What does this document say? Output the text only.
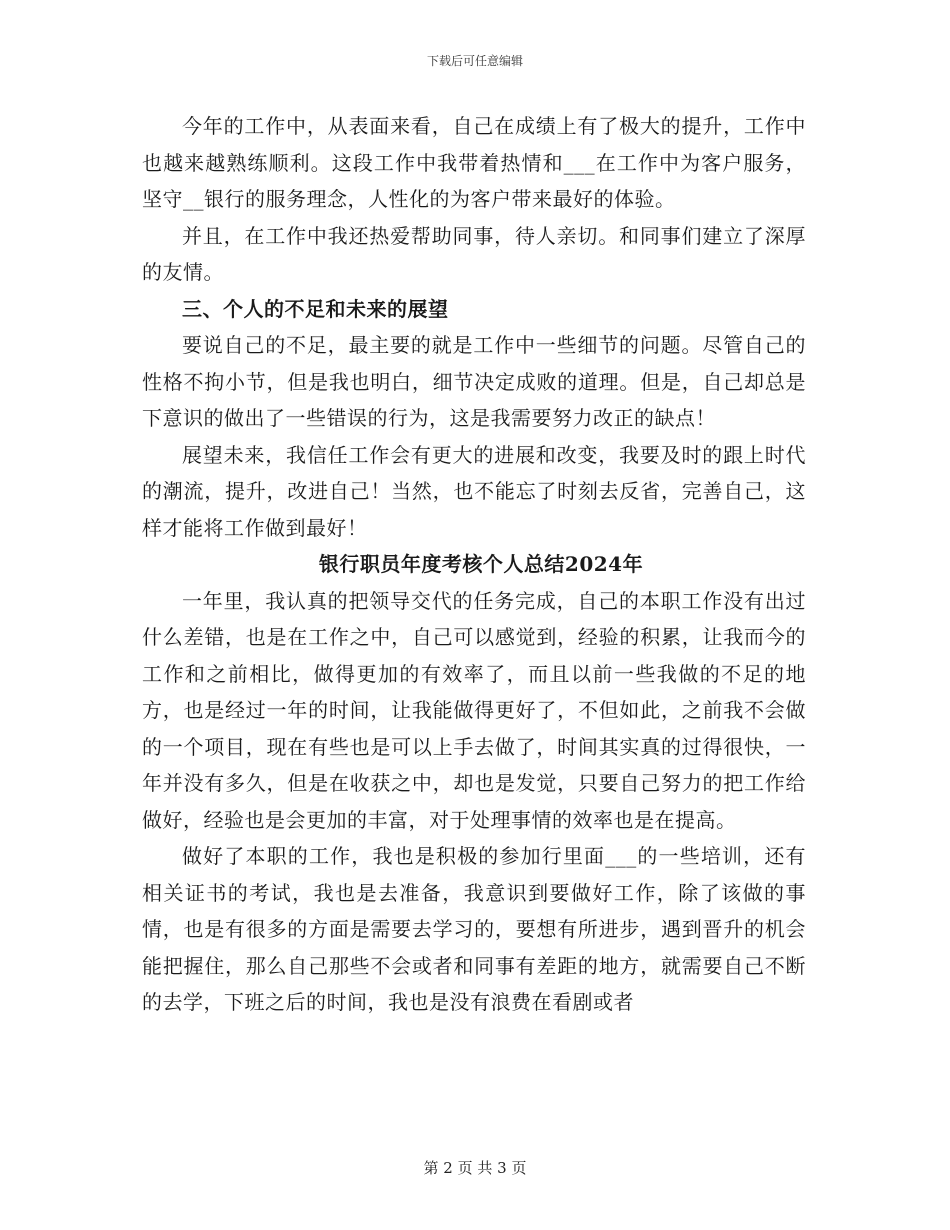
下载后可任意编辑

今年的工作中，从表面来看，自己在成绩上有了极大的提升，工作中也越来越熟练顺利。这段工作中我带着热情和___在工作中为客户服务，坚守__银行的服务理念，人性化的为客户带来最好的体验。

并且，在工作中我还热爱帮助同事，待人亲切。和同事们建立了深厚的友情。

三、个人的不足和未来的展望

要说自己的不足，最主要的就是工作中一些细节的问题。尽管自己的性格不拘小节，但是我也明白，细节决定成败的道理。但是，自己却总是下意识的做出了一些错误的行为，这是我需要努力改正的缺点！

展望未来，我信任工作会有更大的进展和改变，我要及时的跟上时代的潮流，提升，改进自己！当然，也不能忘了时刻去反省，完善自己，这样才能将工作做到最好！

银行职员年度考核个人总结2024年

一年里，我认真的把领导交代的任务完成，自己的本职工作没有出过什么差错，也是在工作之中，自己可以感觉到，经验的积累，让我而今的工作和之前相比，做得更加的有效率了，而且以前一些我做的不足的地方，也是经过一年的时间，让我能做得更好了，不但如此，之前我不会做的一个项目，现在有些也是可以上手去做了，时间其实真的过得很快，一年并没有多久，但是在收获之中，却也是发觉，只要自己努力的把工作给做好，经验也是会更加的丰富，对于处理事情的效率也是在提高。

做好了本职的工作，我也是积极的参加行里面___的一些培训，还有相关证书的考试，我也是去准备，我意识到要做好工作，除了该做的事情，也是有很多的方面是需要去学习的，要想有所进步，遇到晋升的机会能把握住，那么自己那些不会或者和同事有差距的地方，就需要自己不断的去学，下班之后的时间，我也是没有浪费在看剧或者

第 2 页 共 3 页
